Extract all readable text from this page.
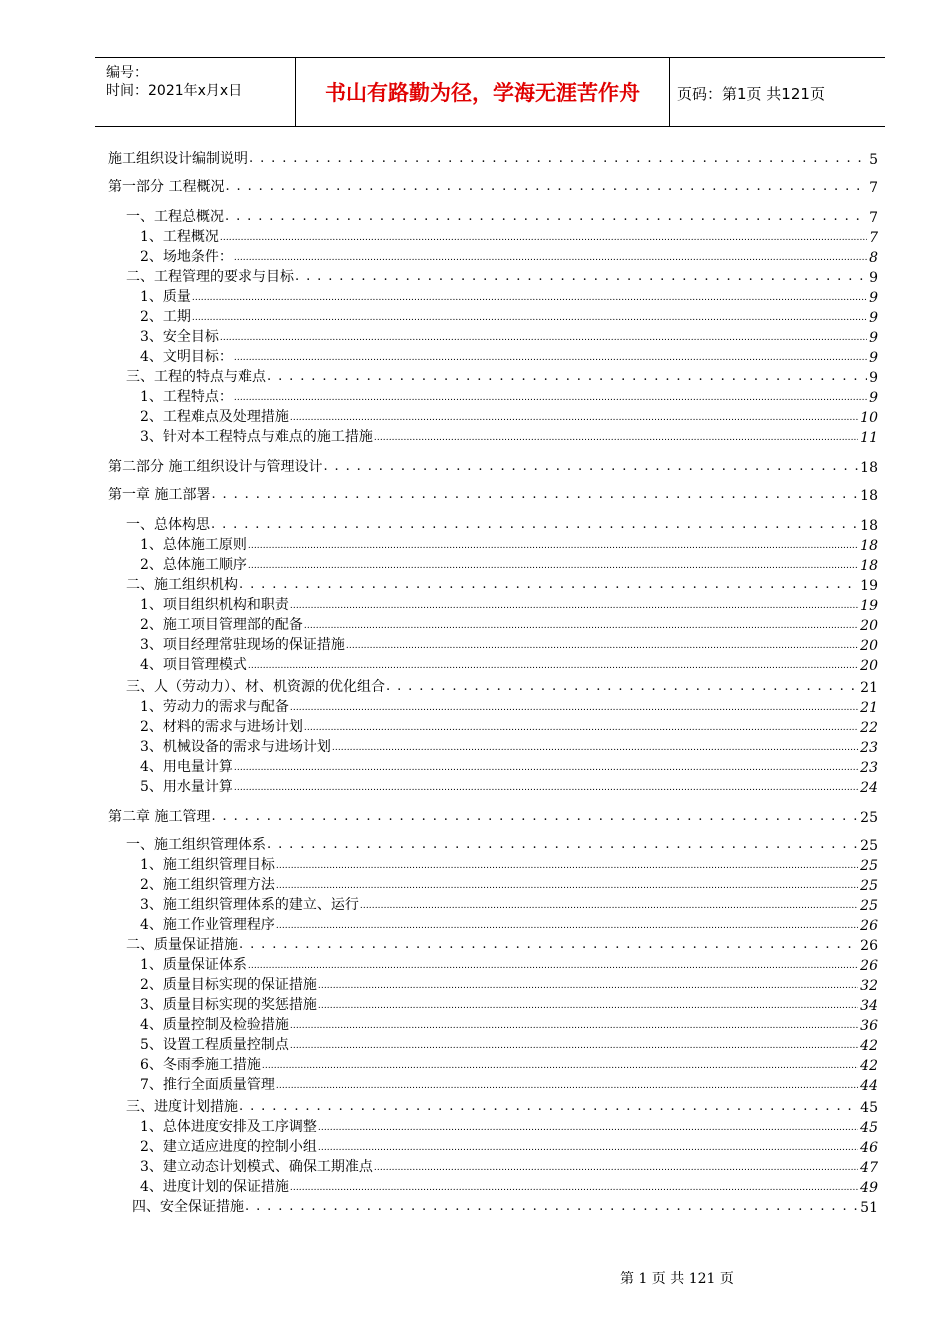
编号：
时间：2021年x月x日	书山有路勤为径，学海无涯苦作舟	页码：第1页 共121页
施工组织设计编制说明 . . .	5
第一部分 工程概况 . . .	7
一、工程总概况 . . .	7
1、工程概况 .....	7
2、场地条件： .....	8
二、工程管理的要求与目标 . . .	9
1、质量 .....	9
2、工期 .....	9
3、安全目标 .....	9
4、文明目标： .....	9
三、工程的特点与难点 . . .	9
1、工程特点： .....	9
2、工程难点及处理措施 .....	10
3、针对本工程特点与难点的施工措施 .....	11
第二部分 施工组织设计与管理设计 . . .	18
第一章 施工部署 . . .	18
一、总体构思 . . .	18
1、总体施工原则 .....	18
2、总体施工顺序 .....	18
二、施工组织机构 . . .	19
1、项目组织机构和职责 .....	19
2、施工项目管理部的配备 .....	20
3、项目经理常驻现场的保证措施 .....	20
4、项目管理模式 .....	20
三、人（劳动力）、材、机资源的优化组合 . . .	21
1、劳动力的需求与配备 .....	21
2、材料的需求与进场计划 .....	22
3、机械设备的需求与进场计划 .....	23
4、用电量计算 .....	23
5、用水量计算 .....	24
第二章 施工管理 . . .	25
一、施工组织管理体系 . . .	25
1、施工组织管理目标 .....	25
2、施工组织管理方法 .....	25
3、施工组织管理体系的建立、运行 .....	25
4、施工作业管理程序 .....	26
二、质量保证措施 . . .	26
1、质量保证体系 .....	26
2、质量目标实现的保证措施 .....	32
3、质量目标实现的奖惩措施 .....	34
4、质量控制及检验措施 .....	36
5、设置工程质量控制点 .....	42
6、冬雨季施工措施 .....	42
7、推行全面质量管理 .....	44
三、进度计划措施 . . .	45
1、总体进度安排及工序调整 .....	45
2、建立适应进度的控制小组 .....	46
3、建立动态计划模式、确保工期准点 .....	47
4、进度计划的保证措施 .....	49
四、安全保证措施 . . .	51
第 1 页 共 121 页
